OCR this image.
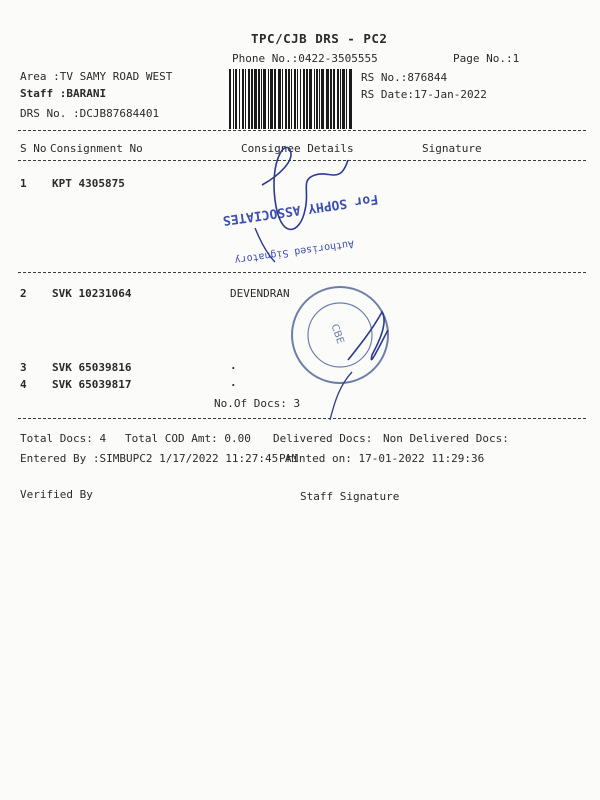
TPC/CJB DRS - PC2
Phone No.:0422-3505555	Page No.:1
Area :TV SAMY ROAD WEST
Staff :BARANI
DRS No. :DCJB87684401
RS No.:876844
RS Date:17-Jan-2022
S No Consignment No	Consignee Details	Signature
1 KPT 4305875
2 SVK 10231064	DEVENDRAN
3 SVK 65039816	.
4 SVK 65039817	.
No.Of Docs: 3
Total Docs: 4 Total COD Amt: 0.00 Delivered Docs: Non Delivered Docs:
Entered By :SIMBUPC2 1/17/2022 11:27:45 AM
Printed on: 17-01-2022 11:29:36
Verified By	Staff Signature
Authorised Signatory
For SOPHY ASSOCIATES
CBE
